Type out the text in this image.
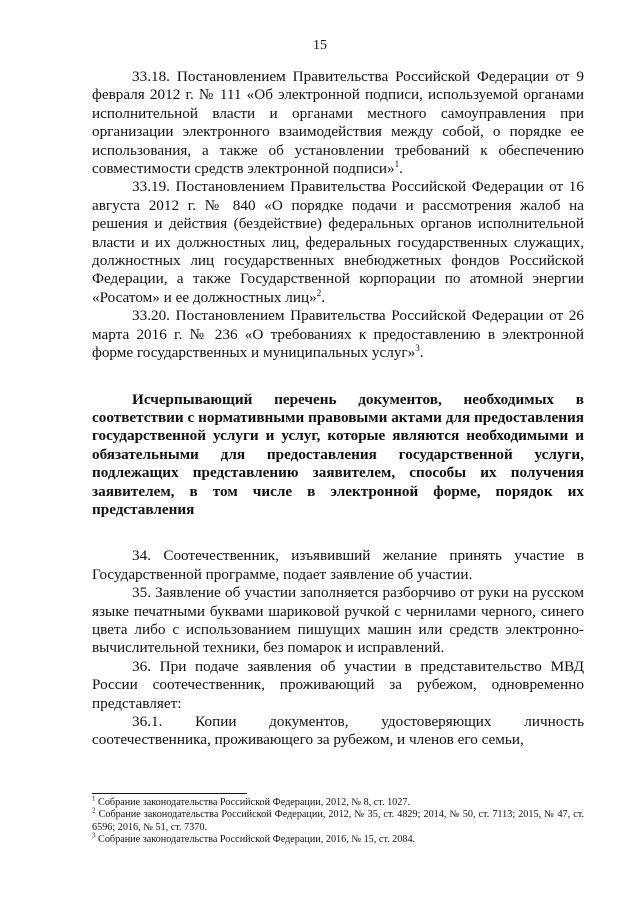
15

33.18. Постановлением Правительства Российской Федерации от 9 февраля 2012 г. № 111 «Об электронной подписи, используемой органами исполнительной власти и органами местного самоуправления при организации электронного взаимодействия между собой, о порядке ее использования, а также об установлении требований к обеспечению совместимости средств электронной подписи»$^1$.

33.19. Постановлением Правительства Российской Федерации от 16 августа 2012 г. № 840 «О порядке подачи и рассмотрения жалоб на решения и действия (бездействие) федеральных органов исполнительной власти и их должностных лиц, федеральных государственных служащих, должностных лиц государственных внебюджетных фондов Российской Федерации, а также Государственной корпорации по атомной энергии «Росатом» и ее должностных лиц»$^2$.

33.20. Постановлением Правительства Российской Федерации от 26 марта 2016 г. № 236 «О требованиях к предоставлению в электронной форме государственных и муниципальных услуг»$^3$.

Исчерпывающий перечень документов, необходимых в соответствии с нормативными правовыми актами для предоставления государственной услуги и услуг, которые являются необходимыми и обязательными для предоставления государственной услуги, подлежащих представлению заявителем, способы их получения заявителем, в том числе в электронной форме, порядок их представления

34. Соотечественник, изъявивший желание принять участие в Государственной программе, подает заявление об участии.

35. Заявление об участии заполняется разборчиво от руки на русском языке печатными буквами шариковой ручкой с чернилами черного, синего цвета либо с использованием пишущих машин или средств электронно-вычислительной техники, без помарок и исправлений.

36. При подаче заявления об участии в представительство МВД России соотечественник, проживающий за рубежом, одновременно представляет:

36.1. Копии документов, удостоверяющих личность соотечественника, проживающего за рубежом, и членов его семьи,

$^1$ Собрание законодательства Российской Федерации, 2012, № 8, ст. 1027.

$^2$ Собрание законодательства Российской Федерации, 2012, № 35, ст. 4829; 2014, № 50, ст. 7113; 2015, № 47, ст. 6596; 2016, № 51, ст. 7370.

$^3$ Собрание законодательства Российской Федерации, 2016, № 15, ст. 2084.
